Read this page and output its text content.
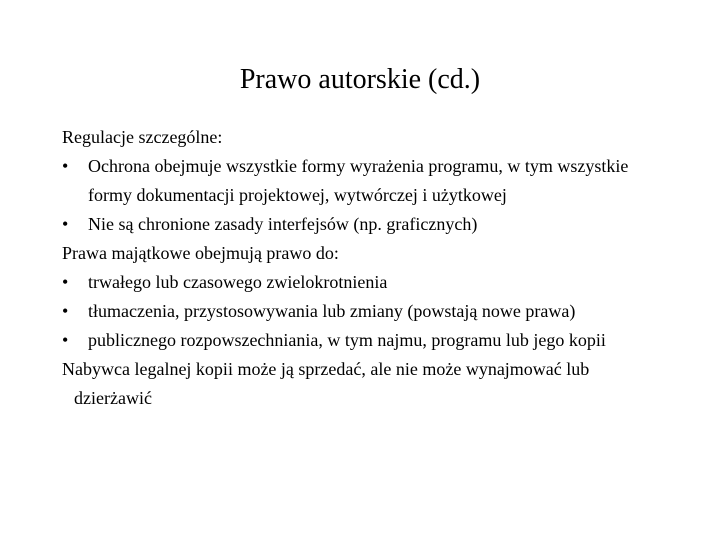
Prawo autorskie (cd.)
Regulacje szczególne:
• Ochrona obejmuje wszystkie formy wyrażenia programu, w tym wszystkie formy dokumentacji projektowej, wytwórczej i użytkowej
• Nie są chronione zasady interfejsów (np. graficznych)
Prawa majątkowe obejmują prawo do:
• trwałego lub czasowego zwielokrotnienia
• tłumaczenia, przystosowywania lub zmiany (powstają nowe prawa)
• publicznego rozpowszechniania, w tym najmu, programu lub jego kopii
Nabywca legalnej kopii może ją sprzedać, ale nie może wynajmować lub dzierżawić
